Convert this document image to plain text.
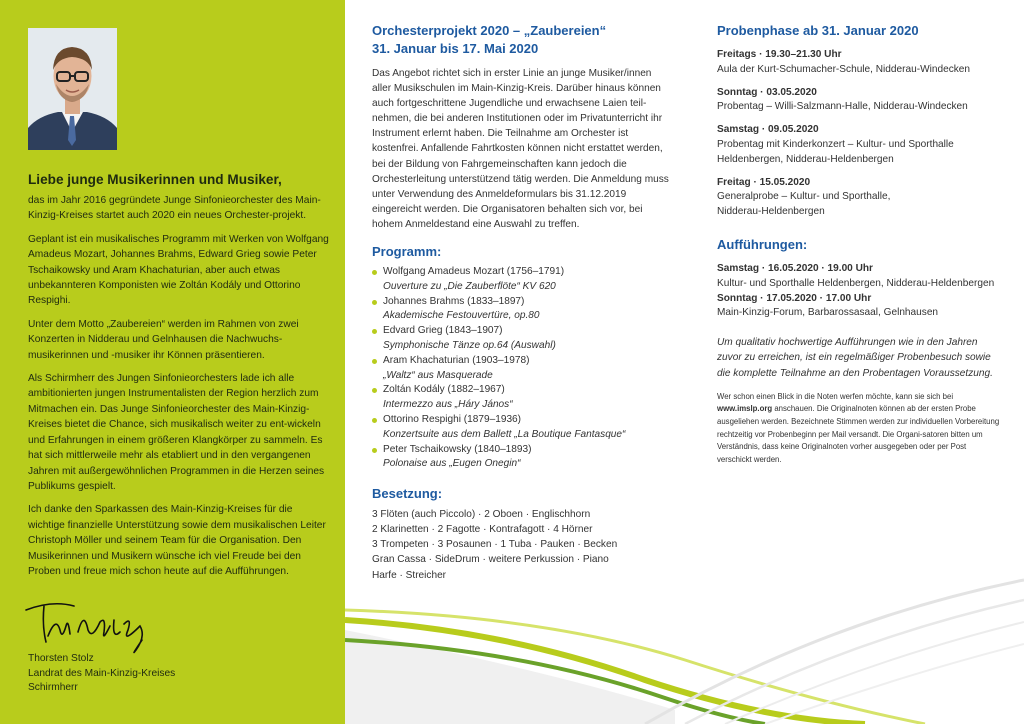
Liebe junge Musikerinnen und Musiker,

das im Jahr 2016 gegründete Junge Sinfonieorchester des Main-Kinzig-Kreises startet auch 2020 ein neues Orchester-projekt.

Geplant ist ein musikalisches Programm mit Werken von Wolfgang Amadeus Mozart, Johannes Brahms, Edward Grieg sowie Peter Tschaikowsky und Aram Khachaturian, aber auch etwas unbekannteren Komponisten wie Zoltán Kodály und Ottorino Respighi.

Unter dem Motto „Zaubereien“ werden im Rahmen von zwei Konzerten in Nidderau und Gelnhausen die Nachwuchs-musikerinnen und -musiker ihr Können präsentieren.

Als Schirmherr des Jungen Sinfonieorchesters lade ich alle ambitionierten jungen Instrumentalisten der Region herzlich zum Mitmachen ein. Das Junge Sinfonieorchester des Main-Kinzig-Kreises bietet die Chance, sich musikalisch weiter zu ent-wickeln und Erfahrungen in einem größeren Klangkörper zu sammeln. Es hat sich mittlerweile mehr als etabliert und in den vergangenen Jahren mit außergewöhnlichen Programmen in die Herzen seines Publikums gespielt.

Ich danke den Sparkassen des Main-Kinzig-Kreises für die wichtige finanzielle Unterstützung sowie dem musikalischen Leiter Christoph Möller und seinem Team für die Organisation. Den Musikerinnen und Musikern wünsche ich viel Freude bei den Proben und freue mich schon heute auf die Aufführungen.

Thorsten Stolz
Landrat des Main-Kinzig-Kreises
Schirmherr
Orchesterprojekt 2020 – „Zaubereien“
31. Januar bis 17. Mai 2020

Das Angebot richtet sich in erster Linie an junge Musiker/innen aller Musikschulen im Main-Kinzig-Kreis. Darüber hinaus können auch fortgeschrittene Jugendliche und erwachsene Laien teil-nehmen, die bei anderen Institutionen oder im Privatunterricht ihr Instrument erlernt haben. Die Teilnahme am Orchester ist kostenfrei. Anfallende Fahrtkosten können nicht erstattet werden, bei der Bildung von Fahrgemeinschaften kann jedoch die Orchesterleitung unterstützend tätig werden. Die Anmeldung muss unter Verwendung des Anmeldeformulars bis 31.12.2019 eingereicht werden. Die Organisatoren behalten sich vor, bei hohem Anmeldestand eine Auswahl zu treffen.

Programm:
Wolfgang Amadeus Mozart (1756–1791)
Ouverture zu „Die Zauberflöte“ KV 620
Johannes Brahms (1833–1897)
Akademische Festouvertüre, op.80
Edvard Grieg (1843–1907)
Symphonische Tänze op.64 (Auswahl)
Aram Khachaturian (1903–1978)
„Waltz“ aus Masquerade
Zoltán Kodály (1882–1967)
Intermezzo aus „Háry János“
Ottorino Respighi (1879–1936)
Konzertsuite aus dem Ballett „La Boutique Fantasque“
Peter Tschaikowsky (1840–1893)
Polonaise aus „Eugen Onegin“
Besetzung:
3 Flöten (auch Piccolo) · 2 Oboen · Englischhorn
2 Klarinetten · 2 Fagotte · Kontrafagott · 4 Hörner
3 Trompeten · 3 Posaunen · 1 Tuba · Pauken · Becken
Gran Cassa · SideDrum · weitere Perkussion · Piano
Harfe · Streicher
Probenphase ab 31. Januar 2020
Freitags · 19.30–21.30 Uhr
Aula der Kurt-Schumacher-Schule, Nidderau-Windecken
Sonntag · 03.05.2020
Probentag – Willi-Salzmann-Halle, Nidderau-Windecken
Samstag · 09.05.2020
Probentag mit Kinderkonzert – Kultur- und Sporthalle
Heldenbergen, Nidderau-Heldenbergen
Freitag · 15.05.2020
Generalprobe – Kultur- und Sporthalle,
Nidderau-Heldenbergen
Aufführungen:
Samstag · 16.05.2020 · 19.00 Uhr
Kultur- und Sporthalle Heldenbergen, Nidderau-Heldenbergen
Sonntag · 17.05.2020 · 17.00 Uhr
Main-Kinzig-Forum, Barbarossasaal, Gelnhausen
Um qualitativ hochwertige Aufführungen wie in den Jahren zuvor zu erreichen, ist ein regelmäßiger Probenbesuch sowie die komplette Teilnahme an den Probentagen Voraussetzung.
Wer schon einen Blick in die Noten werfen möchte, kann sie sich bei www.imslp.org anschauen. Die Originalnoten können ab der ersten Probe ausgeliehen werden. Bezeichnete Stimmen werden zur individuellen Vorbereitung rechtzeitig vor Probenbeginn per Mail versandt. Die Organi-satoren bitten um Verständnis, dass keine Originalnoten vorher ausgegeben oder per Post verschickt werden.
